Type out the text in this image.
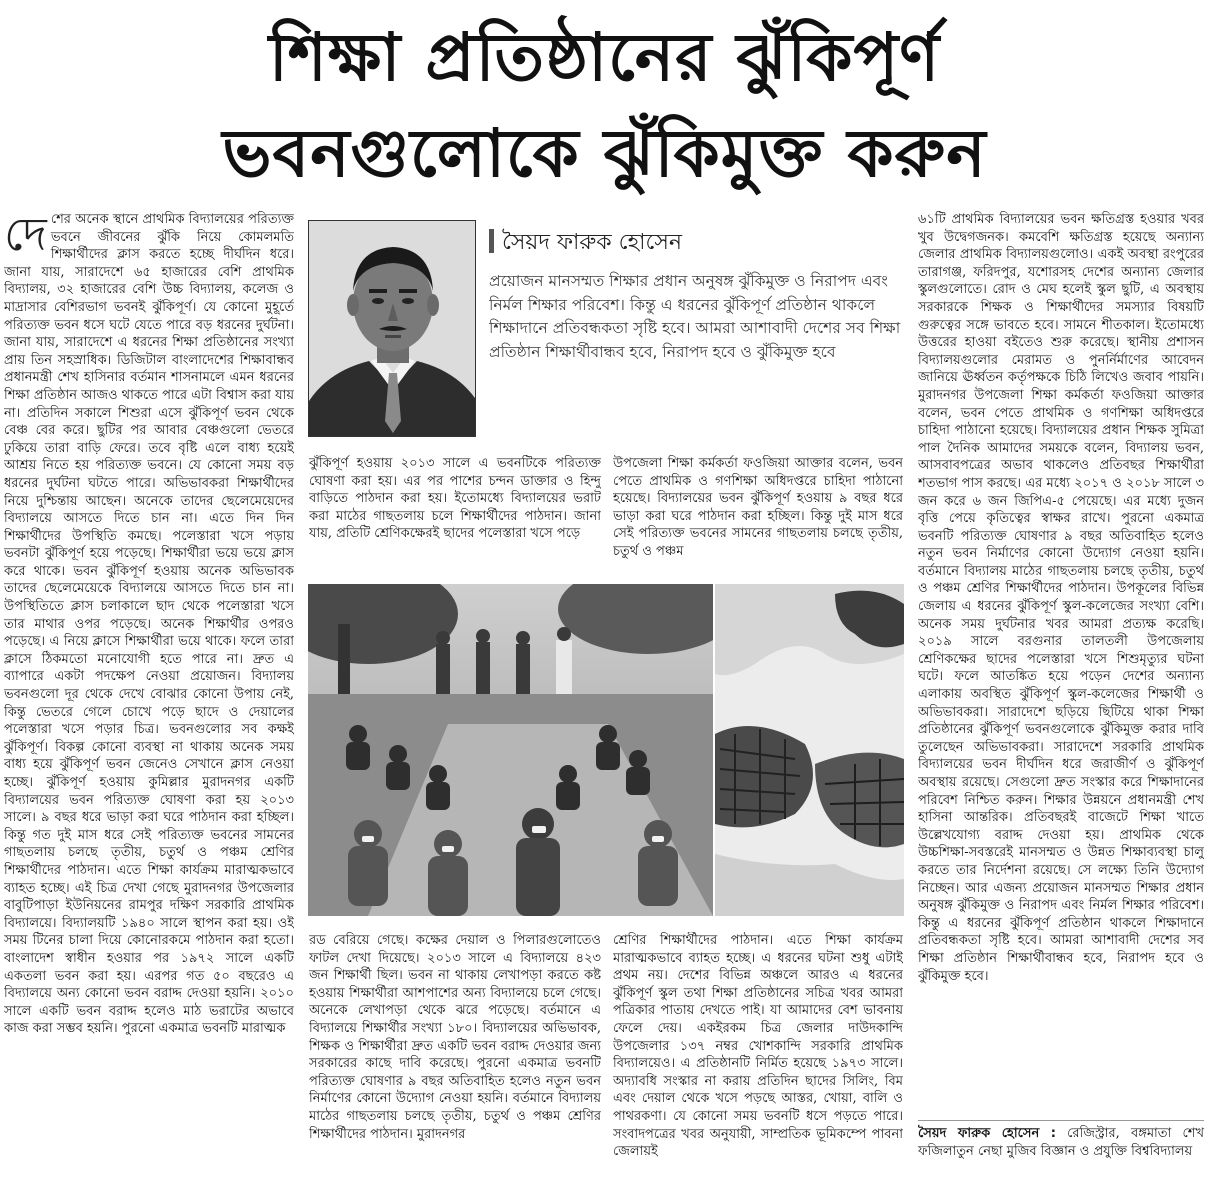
শিক্ষা প্রতিষ্ঠানের ঝুঁকিপূর্ণ
ভবনগুলোকে ঝুঁকিমুক্ত করুন
দে শের অনেক স্থানে প্রাথমিক বিদ্যালয়ের পরিত্যক্ত ভবনে জীবনের ঝুঁকি নিয়ে কোমলমতি শিক্ষার্থীদের ক্লাস করতে হচ্ছে দীর্ঘদিন ধরে। জানা যায়, সারাদেশে ৬৫ হাজারের বেশি প্রাথমিক বিদ্যালয়, ৩২ হাজারের বেশি উচ্চ বিদ্যালয়, কলেজ ও মাদ্রাসার বেশিরভাগ ভবনই ঝুঁকিপূর্ণ। যে কোনো মুহূর্তে পরিত্যক্ত ভবন ধসে ঘটে যেতে পারে বড় ধরনের দুর্ঘটনা। জানা যায়, সারাদেশে এ ধরনের শিক্ষা প্রতিষ্ঠানের সংখ্যা প্রায় তিন সহস্রাধিক। ডিজিটাল বাংলাদেশের শিক্ষাবান্ধব প্রধানমন্ত্রী শেখ হাসিনার বর্তমান শাসনামলে এমন ধরনের শিক্ষা প্রতিষ্ঠান আজও থাকতে পারে এটা বিশ্বাস করা যায় না। প্রতিদিন সকালে শিশুরা এসে ঝুঁকিপূর্ণ ভবন থেকে বেঞ্চ বের করে। ছুটির পর আবার বেঞ্চগুলো ভেতরে ঢুকিয়ে তারা বাড়ি ফেরে। তবে বৃষ্টি এলে বাধ্য হয়েই আশ্রয় নিতে হয় পরিত্যক্ত ভবনে। যে কোনো সময় বড় ধরনের দুর্ঘটনা ঘটতে পারে। অভিভাবকরা শিক্ষার্থীদের নিয়ে দুশ্চিন্তায় আছেন। অনেকে তাদের ছেলেমেয়েদের বিদ্যালয়ে আসতে দিতে চান না। এতে দিন দিন শিক্ষার্থীদের উপস্থিতি কমছে। পলেস্তারা খসে পড়ায় ভবনটা ঝুঁকিপূর্ণ হয়ে পড়েছে। শিক্ষার্থীরা ভয়ে ভয়ে ক্লাস করে থাকে। ভবন ঝুঁকিপূর্ণ হওয়ায় অনেক অভিভাবক তাদের ছেলেমেয়েকে বিদ্যালয়ে আসতে দিতে চান না। উপস্থিতিতে ক্লাস চলাকালে ছাদ থেকে পলেস্তারা খসে তার মাথার ওপর পড়েছে। অনেক শিক্ষার্থীর ওপরও পড়েছে। এ নিয়ে ক্লাসে শিক্ষার্থীরা ভয়ে থাকে। ফলে তারা ক্লাসে ঠিকমতো মনোযোগী হতে পারে না। দ্রুত এ ব্যাপারে একটা পদক্ষেপ নেওয়া প্রয়োজন। বিদ্যালয় ভবনগুলো দূর থেকে দেখে বোঝার কোনো উপায় নেই, কিন্তু ভেতরে গেলে চোখে পড়ে ছাদে ও দেয়ালের পলেস্তারা খসে পড়ার চিত্র। ভবনগুলোর সব কক্ষই ঝুঁকিপূর্ণ। বিকল্প কোনো ব্যবস্থা না থাকায় অনেক সময় বাধ্য হয়ে ঝুঁকিপূর্ণ ভবন জেনেও সেখানে ক্লাস নেওয়া হচ্ছে। ঝুঁকিপূর্ণ হওয়ায় কুমিল্লার মুরাদনগর একটি বিদ্যালয়ের ভবন পরিত্যক্ত ঘোষণা করা হয় ২০১৩ সালে। ৯ বছর ধরে ভাড়া করা ঘরে পাঠদান করা হচ্ছিল। কিন্তু গত দুই মাস ধরে সেই পরিত্যক্ত ভবনের সামনের গাছতলায় চলছে তৃতীয়, চতুর্থ ও পঞ্চম শ্রেণির শিক্ষার্থীদের পাঠদান। এতে শিক্ষা কার্যক্রম মারাত্মকভাবে ব্যাহত হচ্ছে। এই চিত্র দেখা গেছে মুরাদনগর উপজেলার বাবুটিপাড়া ইউনিয়নের রামপুর দক্ষিণ সরকারি প্রাথমিক বিদ্যালয়ে। বিদ্যালয়টি ১৯৪০ সালে স্থাপন করা হয়। ওই সময় টিনের চালা দিয়ে কোনোরকমে পাঠদান করা হতো। বাংলাদেশ স্বাধীন হওয়ার পর ১৯৭২ সালে একটি একতলা ভবন করা হয়। এরপর গত ৫০ বছরেও এ বিদ্যালয়ে অন্য কোনো ভবন বরাদ্দ দেওয়া হয়নি। ২০১০ সালে একটি ভবন বরাদ্দ হলেও মাঠ ভরাটের অভাবে কাজ করা সম্ভব হয়নি। পুরনো একমাত্র ভবনটি মারাত্মক
সৈয়দ ফারুক হোসেন
প্রয়োজন মানসম্মত শিক্ষার প্রধান অনুষঙ্গ ঝুঁকিমুক্ত ও নিরাপদ এবং নির্মল শিক্ষার পরিবেশ। কিন্তু এ ধরনের ঝুঁকিপূর্ণ প্রতিষ্ঠান থাকলে শিক্ষাদানে প্রতিবন্ধকতা সৃষ্টি হবে। আমরা আশাবাদী দেশের সব শিক্ষা প্রতিষ্ঠান শিক্ষার্থীবান্ধব হবে, নিরাপদ হবে ও ঝুঁকিমুক্ত হবে
ঝুঁকিপূর্ণ হওয়ায় ২০১৩ সালে এ ভবনটিকে পরিত্যক্ত ঘোষণা করা হয়। এর পর পাশের চন্দন ডাক্তার ও হিন্দু বাড়িতে পাঠদান করা হয়। ইতোমধ্যে বিদ্যালয়ের ভরাট করা মাঠের গাছতলায় চলে শিক্ষার্থীদের পাঠদান। জানা যায়, প্রতিটি শ্রেণিকক্ষেরই ছাদের পলেস্তারা খসে পড়ে
উপজেলা শিক্ষা কর্মকর্তা ফওজিয়া আক্তার বলেন, ভবন পেতে প্রাথমিক ও গণশিক্ষা অধিদপ্তরে চাহিদা পাঠানো হয়েছে। বিদ্যালয়ের ভবন ঝুঁকিপূর্ণ হওয়ায় ৯ বছর ধরে ভাড়া করা ঘরে পাঠদান করা হচ্ছিল। কিন্তু দুই মাস ধরে সেই পরিত্যক্ত ভবনের সামনের গাছতলায় চলছে তৃতীয়, চতুর্থ ও পঞ্চম
রড বেরিয়ে গেছে। কক্ষের দেয়াল ও পিলারগুলোতেও ফাটল দেখা দিয়েছে। ২০১৩ সালে এ বিদ্যালয়ে ৪২৩ জন শিক্ষার্থী ছিল। ভবন না থাকায় লেখাপড়া করতে কষ্ট হওয়ায় শিক্ষার্থীরা আশপাশের অন্য বিদ্যালয়ে চলে গেছে। অনেকে লেখাপড়া থেকে ঝরে পড়েছে। বর্তমানে এ বিদ্যালয়ে শিক্ষার্থীর সংখ্যা ১৮০। বিদ্যালয়ের অভিভাবক, শিক্ষক ও শিক্ষার্থীরা দ্রুত একটি ভবন বরাদ্দ দেওয়ার জন্য সরকারের কাছে দাবি করেছে। পুরনো একমাত্র ভবনটি পরিত্যক্ত ঘোষণার ৯ বছর অতিবাহিত হলেও নতুন ভবন নির্মাণের কোনো উদ্যোগ নেওয়া হয়নি। বর্তমানে বিদ্যালয় মাঠের গাছতলায় চলছে তৃতীয়, চতুর্থ ও পঞ্চম শ্রেণির শিক্ষার্থীদের পাঠদান। মুরাদনগর
শ্রেণির শিক্ষার্থীদের পাঠদান। এতে শিক্ষা কার্যক্রম মারাত্মকভাবে ব্যাহত হচ্ছে। এ ধরনের ঘটনা শুধু এটাই প্রথম নয়। দেশের বিভিন্ন অঞ্চলে আরও এ ধরনের ঝুঁকিপূর্ণ স্কুল তথা শিক্ষা প্রতিষ্ঠানের সচিত্র খবর আমরা পত্রিকার পাতায় দেখতে পাই। যা আমাদের বেশ ভাবনায় ফেলে দেয়। একইরকম চিত্র জেলার দাউদকান্দি উপজেলার ১৩৭ নম্বর খোশকান্দি সরকারি প্রাথমিক বিদ্যালয়েও। এ প্রতিষ্ঠানটি নির্মিত হয়েছে ১৯৭৩ সালে। অদ্যাবধি সংস্কার না করায় প্রতিদিন ছাদের সিলিং, বিম এবং দেয়াল থেকে খসে পড়ছে আস্তর, খোয়া, বালি ও পাথরকণা। যে কোনো সময় ভবনটি ধসে পড়তে পারে। সংবাদপত্রের খবর অনুযায়ী, সাম্প্রতিক ভূমিকম্পে পাবনা জেলায়ই
৬১টি প্রাথমিক বিদ্যালয়ের ভবন ক্ষতিগ্রস্ত হওয়ার খবর খুব উদ্বেগজনক। কমবেশি ক্ষতিগ্রস্ত হয়েছে অন্যান্য জেলার প্রাথমিক বিদ্যালয়গুলোও। একই অবস্থা রংপুরের তারাগঞ্জ, ফরিদপুর, যশোরসহ দেশের অন্যান্য জেলার স্কুলগুলোতে। রোদ ও মেঘ হলেই স্কুল ছুটি, এ অবস্থায় সরকারকে শিক্ষক ও শিক্ষার্থীদের সমস্যার বিষয়টি গুরুত্বের সঙ্গে ভাবতে হবে। সামনে শীতকাল। ইতোমধ্যে উত্তরের হাওয়া বইতেও শুরু করেছে। স্থানীয় প্রশাসন বিদ্যালয়গুলোর মেরামত ও পুনর্নির্মাণের আবেদন জানিয়ে ঊর্ধ্বতন কর্তৃপক্ষকে চিঠি লিখেও জবাব পায়নি। মুরাদনগর উপজেলা শিক্ষা কর্মকর্তা ফওজিয়া আক্তার বলেন, ভবন পেতে প্রাথমিক ও গণশিক্ষা অধিদপ্তরে চাহিদা পাঠানো হয়েছে। বিদ্যালয়ের প্রধান শিক্ষক সুমিত্রা পাল দৈনিক আমাদের সময়কে বলেন, বিদ্যালয় ভবন, আসবাবপত্রের অভাব থাকলেও প্রতিবছর শিক্ষার্থীরা শতভাগ পাস করছে। এর মধ্যে ২০১৭ ও ২০১৮ সালে ৩ জন করে ৬ জন জিপিএ-৫ পেয়েছে। এর মধ্যে দুজন বৃত্তি পেয়ে কৃতিত্বের স্বাক্ষর রাখে। পুরনো একমাত্র ভবনটি পরিত্যক্ত ঘোষণার ৯ বছর অতিবাহিত হলেও নতুন ভবন নির্মাণের কোনো উদ্যোগ নেওয়া হয়নি। বর্তমানে বিদ্যালয় মাঠের গাছতলায় চলছে তৃতীয়, চতুর্থ ও পঞ্চম শ্রেণির শিক্ষার্থীদের পাঠদান। উপকূলের বিভিন্ন জেলায় এ ধরনের ঝুঁকিপূর্ণ স্কুল-কলেজের সংখ্যা বেশি। অনেক সময় দুর্ঘটনার খবর আমরা প্রত্যক্ষ করেছি। ২০১৯ সালে বরগুনার তালতলী উপজেলায় শ্রেণিকক্ষের ছাদের পলেস্তারা খসে শিশুমৃত্যুর ঘটনা ঘটে। ফলে আতঙ্কিত হয়ে পড়েন দেশের অন্যান্য এলাকায় অবস্থিত ঝুঁকিপূর্ণ স্কুল-কলেজের শিক্ষার্থী ও অভিভাবকরা। সারাদেশে ছড়িয়ে ছিটিয়ে থাকা শিক্ষা প্রতিষ্ঠানের ঝুঁকিপূর্ণ ভবনগুলোকে ঝুঁকিমুক্ত করার দাবি তুলেছেন অভিভাবকরা। সারাদেশে সরকারি প্রাথমিক বিদ্যালয়ের ভবন দীর্ঘদিন ধরে জরাজীর্ণ ও ঝুঁকিপূর্ণ অবস্থায় রয়েছে। সেগুলো দ্রুত সংস্কার করে শিক্ষাদানের পরিবেশ নিশ্চিত করুন। শিক্ষার উন্নয়নে প্রধানমন্ত্রী শেখ হাসিনা আন্তরিক। প্রতিবছরই বাজেটে শিক্ষা খাতে উল্লেখযোগ্য বরাদ্দ দেওয়া হয়। প্রাথমিক থেকে উচ্চশিক্ষা-সবস্তরেই মানসম্মত ও উন্নত শিক্ষাব্যবস্থা চালু করতে তার নির্দেশনা রয়েছে। সে লক্ষ্যে তিনি উদ্যোগ নিচ্ছেন। আর এজন্য প্রয়োজন মানসম্মত শিক্ষার প্রধান অনুষঙ্গ ঝুঁকিমুক্ত ও নিরাপদ এবং নির্মল শিক্ষার পরিবেশ। কিন্তু এ ধরনের ঝুঁকিপূর্ণ প্রতিষ্ঠান থাকলে শিক্ষাদানে প্রতিবন্ধকতা সৃষ্টি হবে। আমরা আশাবাদী দেশের সব শিক্ষা প্রতিষ্ঠান শিক্ষার্থীবান্ধব হবে, নিরাপদ হবে ও ঝুঁকিমুক্ত হবে।
সৈয়দ ফারুক হোসেন : রেজিস্ট্রার, বঙ্গমাতা শেখ ফজিলাতুন নেছা মুজিব বিজ্ঞান ও প্রযুক্তি বিশ্ববিদ্যালয়
